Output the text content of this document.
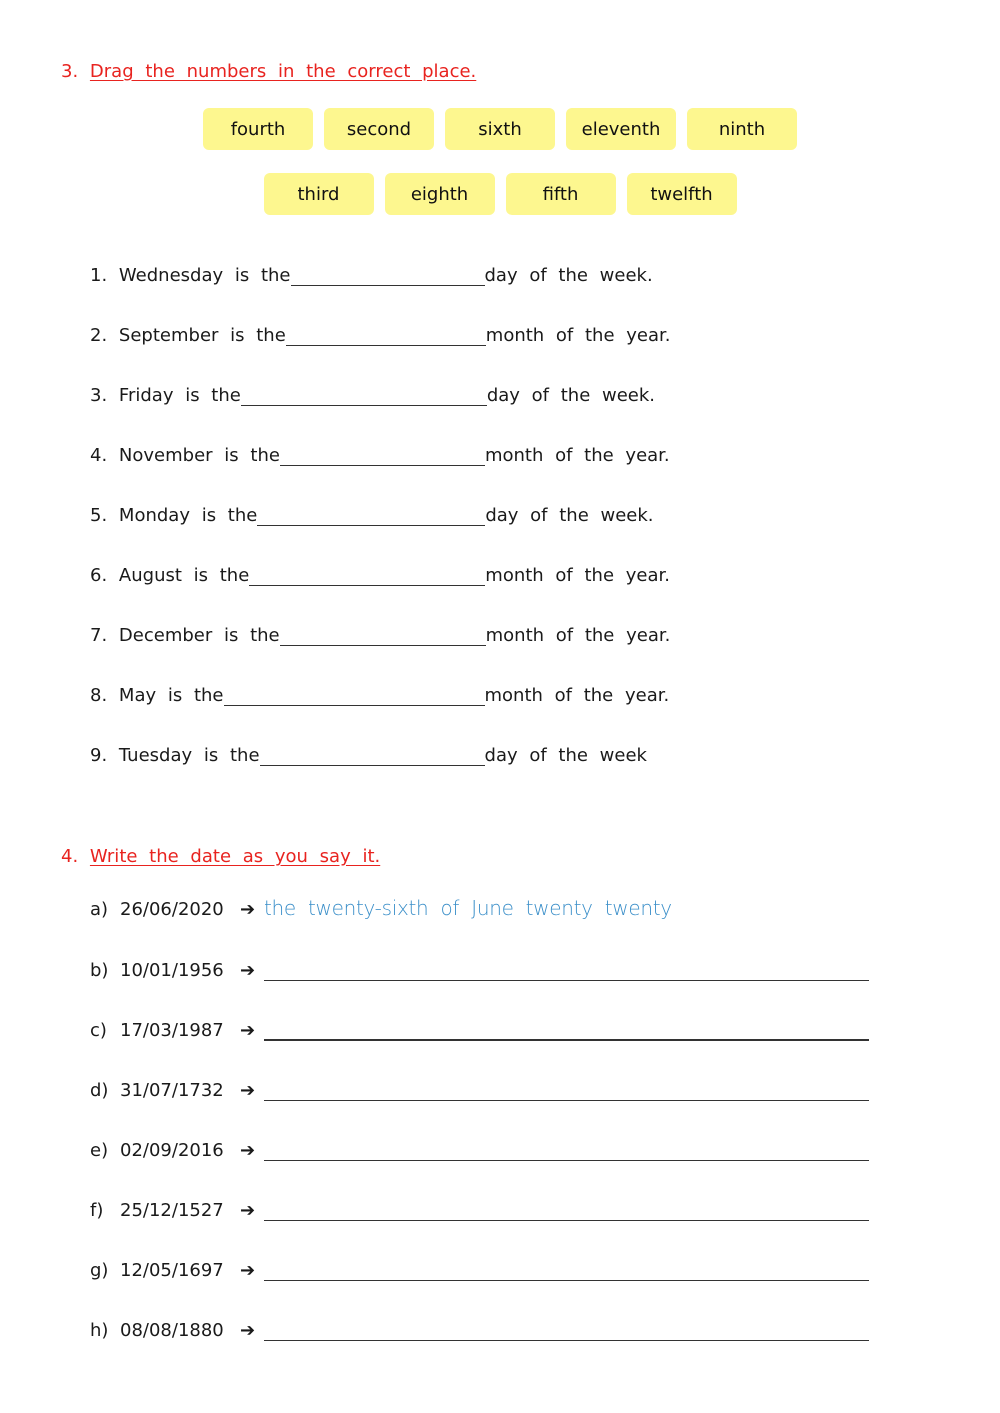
3. Drag the numbers in the correct place.
fourth	second	sixth	eleventh	ninth
third	eighth	fifth	twelfth
1.
Wednesday is the	day of the week.
2.
September is the	month of the year.
3.
Friday is the	day of the week.
4.
November is the	month of the year.
5.
Monday is the	day of the week.
6.
August is the	month of the year.
7.
December is the	month of the year.
8.
May is the	month of the year.
9.
Tuesday is the	day of the week
4. Write the date as you say it.
a) 26/06/2020 ➔ the twenty-sixth of June twenty twenty
b) 10/01/1956 ➔
c) 17/03/1987 ➔
d) 31/07/1732 ➔
e) 02/09/2016 ➔
f) 25/12/1527 ➔
g) 12/05/1697 ➔
h) 08/08/1880 ➔
